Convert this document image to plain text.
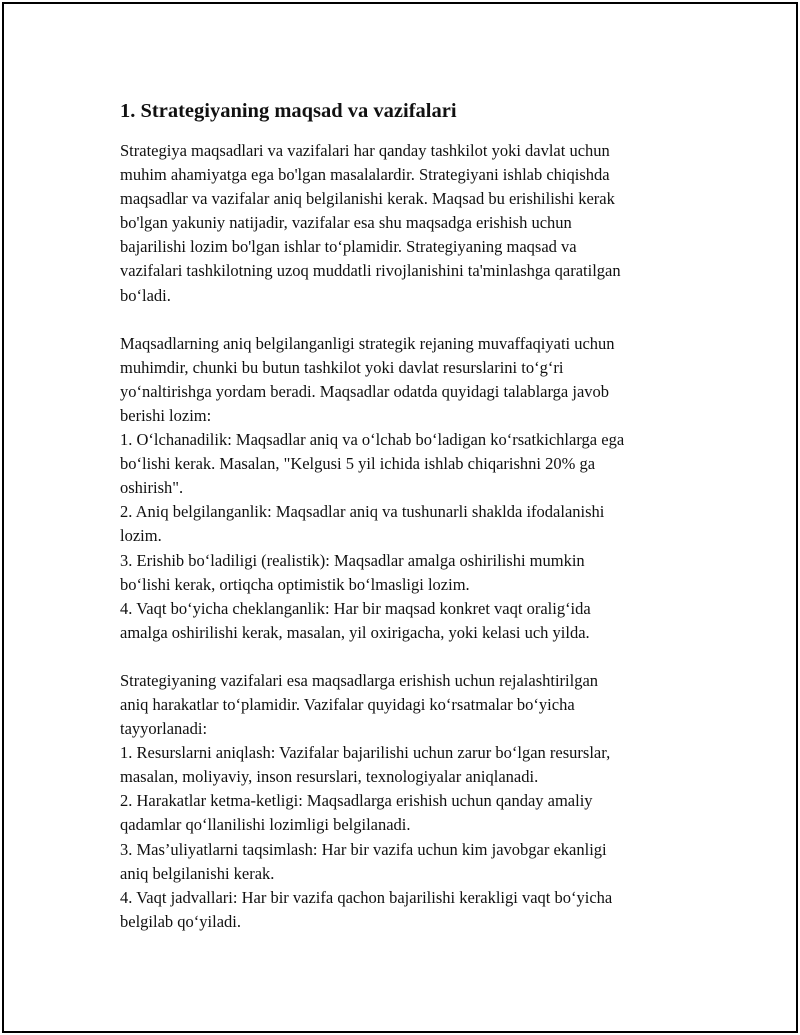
1. Strategiyaning maqsad va vazifalari
Strategiya maqsadlari va vazifalari har qanday tashkilot yoki davlat uchun
muhim ahamiyatga ega bo'lgan masalalardir. Strategiyani ishlab chiqishda
maqsadlar va vazifalar aniq belgilanishi kerak. Maqsad bu erishilishi kerak
bo'lgan yakuniy natijadir, vazifalar esa shu maqsadga erishish uchun
bajarilishi lozim bo'lgan ishlar to‘plamidir. Strategiyaning maqsad va
vazifalari tashkilotning uzoq muddatli rivojlanishini ta'minlashga qaratilgan
bo‘ladi.
Maqsadlarning aniq belgilanganligi strategik rejaning muvaffaqiyati uchun
muhimdir, chunki bu butun tashkilot yoki davlat resurslarini to‘g‘ri
yo‘naltirishga yordam beradi. Maqsadlar odatda quyidagi talablarga javob
berishi lozim:
1. O‘lchanadilik: Maqsadlar aniq va o‘lchab bo‘ladigan ko‘rsatkichlarga ega
bo‘lishi kerak. Masalan, "Kelgusi 5 yil ichida ishlab chiqarishni 20% ga
oshirish".
2. Aniq belgilanganlik: Maqsadlar aniq va tushunarli shaklda ifodalanishi
lozim.
3. Erishib bo‘ladiligi (realistik): Maqsadlar amalga oshirilishi mumkin
bo‘lishi kerak, ortiqcha optimistik bo‘lmasligi lozim.
4. Vaqt bo‘yicha cheklanganlik: Har bir maqsad konkret vaqt oralig‘ida
amalga oshirilishi kerak, masalan, yil oxirigacha, yoki kelasi uch yilda.
Strategiyaning vazifalari esa maqsadlarga erishish uchun rejalashtirilgan
aniq harakatlar to‘plamidir. Vazifalar quyidagi ko‘rsatmalar bo‘yicha
tayyorlanadi:
1. Resurslarni aniqlash: Vazifalar bajarilishi uchun zarur bo‘lgan resurslar,
masalan, moliyaviy, inson resurslari, texnologiyalar aniqlanadi.
2. Harakatlar ketma-ketligi: Maqsadlarga erishish uchun qanday amaliy
qadamlar qo‘llanilishi lozimligi belgilanadi.
3. Mas’uliyatlarni taqsimlash: Har bir vazifa uchun kim javobgar ekanligi
aniq belgilanishi kerak.
4. Vaqt jadvallari: Har bir vazifa qachon bajarilishi kerakligi vaqt bo‘yicha
belgilab qo‘yiladi.
